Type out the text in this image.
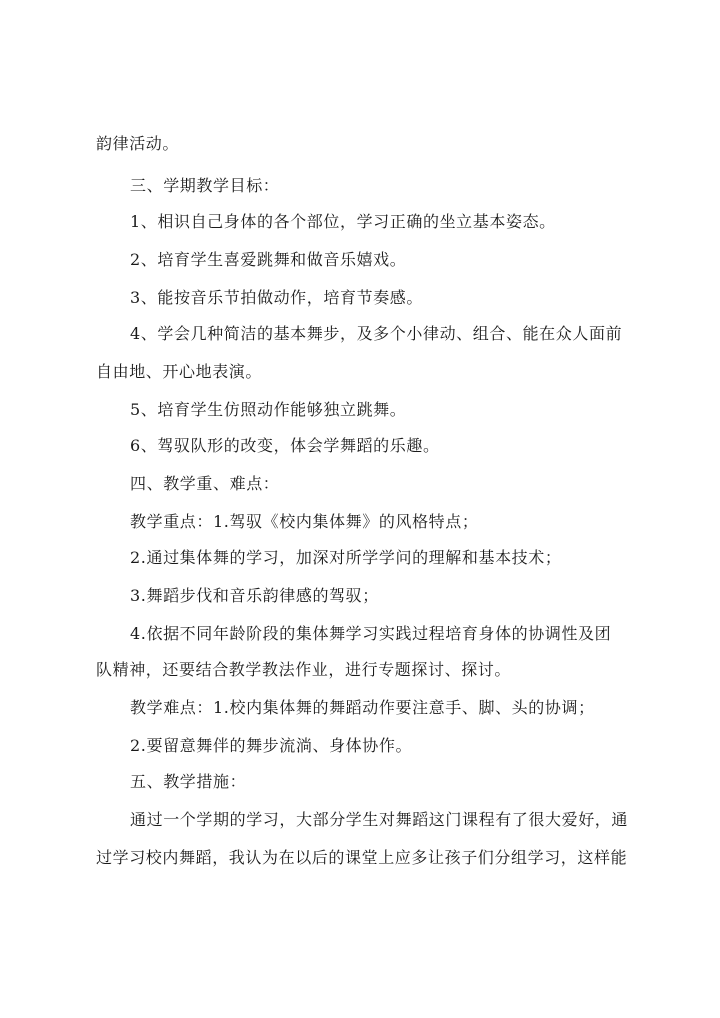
韵律活动。
三、学期教学目标：
1、相识自己身体的各个部位，学习正确的坐立基本姿态。
2、培育学生喜爱跳舞和做音乐嬉戏。
3、能按音乐节拍做动作，培育节奏感。
4、学会几种简洁的基本舞步，及多个小律动、组合、能在众人面前
自由地、开心地表演。
5、培育学生仿照动作能够独立跳舞。
6、驾驭队形的改变，体会学舞蹈的乐趣。
四、教学重、难点：
教学重点：1.驾驭《校内集体舞》的风格特点；
2.通过集体舞的学习，加深对所学学问的理解和基本技术；
3.舞蹈步伐和音乐韵律感的驾驭；
4.依据不同年龄阶段的集体舞学习实践过程培育身体的协调性及团
队精神，还要结合教学教法作业，进行专题探讨、探讨。
教学难点：1.校内集体舞的舞蹈动作要注意手、脚、头的协调；
2.要留意舞伴的舞步流淌、身体协作。
五、教学措施：
通过一个学期的学习，大部分学生对舞蹈这门课程有了很大爱好，通
过学习校内舞蹈，我认为在以后的课堂上应多让孩子们分组学习，这样能
